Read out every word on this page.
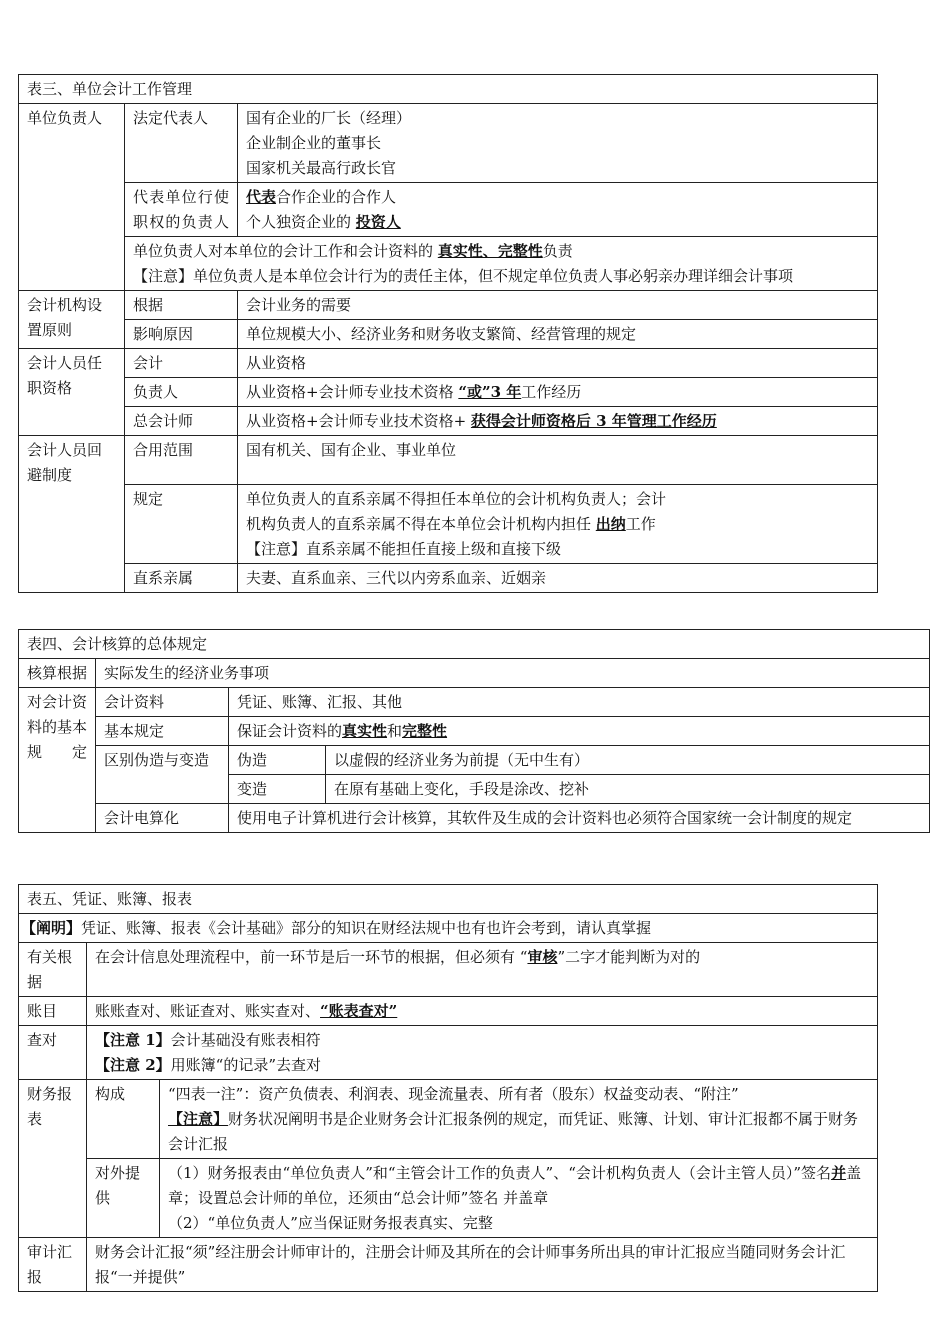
表三、单位会计工作管理		
单位负责人	法定代表人	国有企业的厂长（经理）
企业制企业的董事长
国家机关最高行政长官

	代表单位行使职权的负责人	代表合作企业的合作人
个人独资企业的 投资人

	单位负责人对本单位的会计工作和会计资料的 真实性、完整性负责
【注意】单位负责人是本单位会计行为的责任主体，但不规定单位负责人事必躬亲办理详细会计事项	

会计机构设置原则	根据	会计业务的需要
	影响原因	单位规模大小、经济业务和财务收支繁简、经营管理的规定
会计人员任职资格	会计	从业资格
	负责人	从业资格+会计师专业技术资格 “或”3 年工作经历
	总会计师	从业资格+会计师专业技术资格+ 获得会计师资格后 3 年管理工作经历
会计人员回避制度	合用范围	国有机关、国有企业、事业单位
	规定	单位负责人的直系亲属不得担任本单位的会计机构负责人；会计
机构负责人的直系亲属不得在本单位会计机构内担任 出纳工作
【注意】直系亲属不能担任直接上级和直接下级

	直系亲属	夫妻、直系血亲、三代以内旁系血亲、近姻亲
表四、会计核算的总体规定			
核算根据	实际发生的经济业务事项		
对会计资料的基本规定	会计资料	凭证、账簿、汇报、其他	
	基本规定	保证会计资料的真实性和完整性	
	区别伪造与变造	伪造	以虚假的经济业务为前提（无中生有）
		变造	在原有基础上变化，手段是涂改、挖补
	会计电算化	使用电子计算机进行会计核算，其软件及生成的会计资料也必须符合国家统一会计制度的规定	
表五、凭证、账簿、报表		
【阐明】凭证、账簿、报表《会计基础》部分的知识在财经法规中也有也许会考到，请认真掌握		
有关根据	在会计信息处理流程中，前一环节是后一环节的根据，但必须有 “审核”二字才能判断为对的	
账目	账账查对、账证查对、账实查对、“账表查对”	
查对	【注意 1】会计基础没有账表相符
【注意 2】用账簿“的记录”去查对	

财务报表	构成	“四表一注”：资产负债表、利润表、现金流量表、所有者（股东）权益变动表、“附注”
【注意】财务状况阐明书是企业财务会计汇报条例的规定，而凭证、账簿、计划、审计汇报都不属于财务会计汇报

	对外提供	（1）财务报表由“单位负责人”和“主管会计工作的负责人”、“会计机构负责人（会计主管人员）”签名并盖章；设置总会计师的单位，还须由“总会计师”签名 并盖章
（2）“单位负责人”应当保证财务报表真实、完整

审计汇报	财务会计汇报“须”经注册会计师审计的，注册会计师及其所在的会计师事务所出具的审计汇报应当随同财务会计汇报“一并提供”	
